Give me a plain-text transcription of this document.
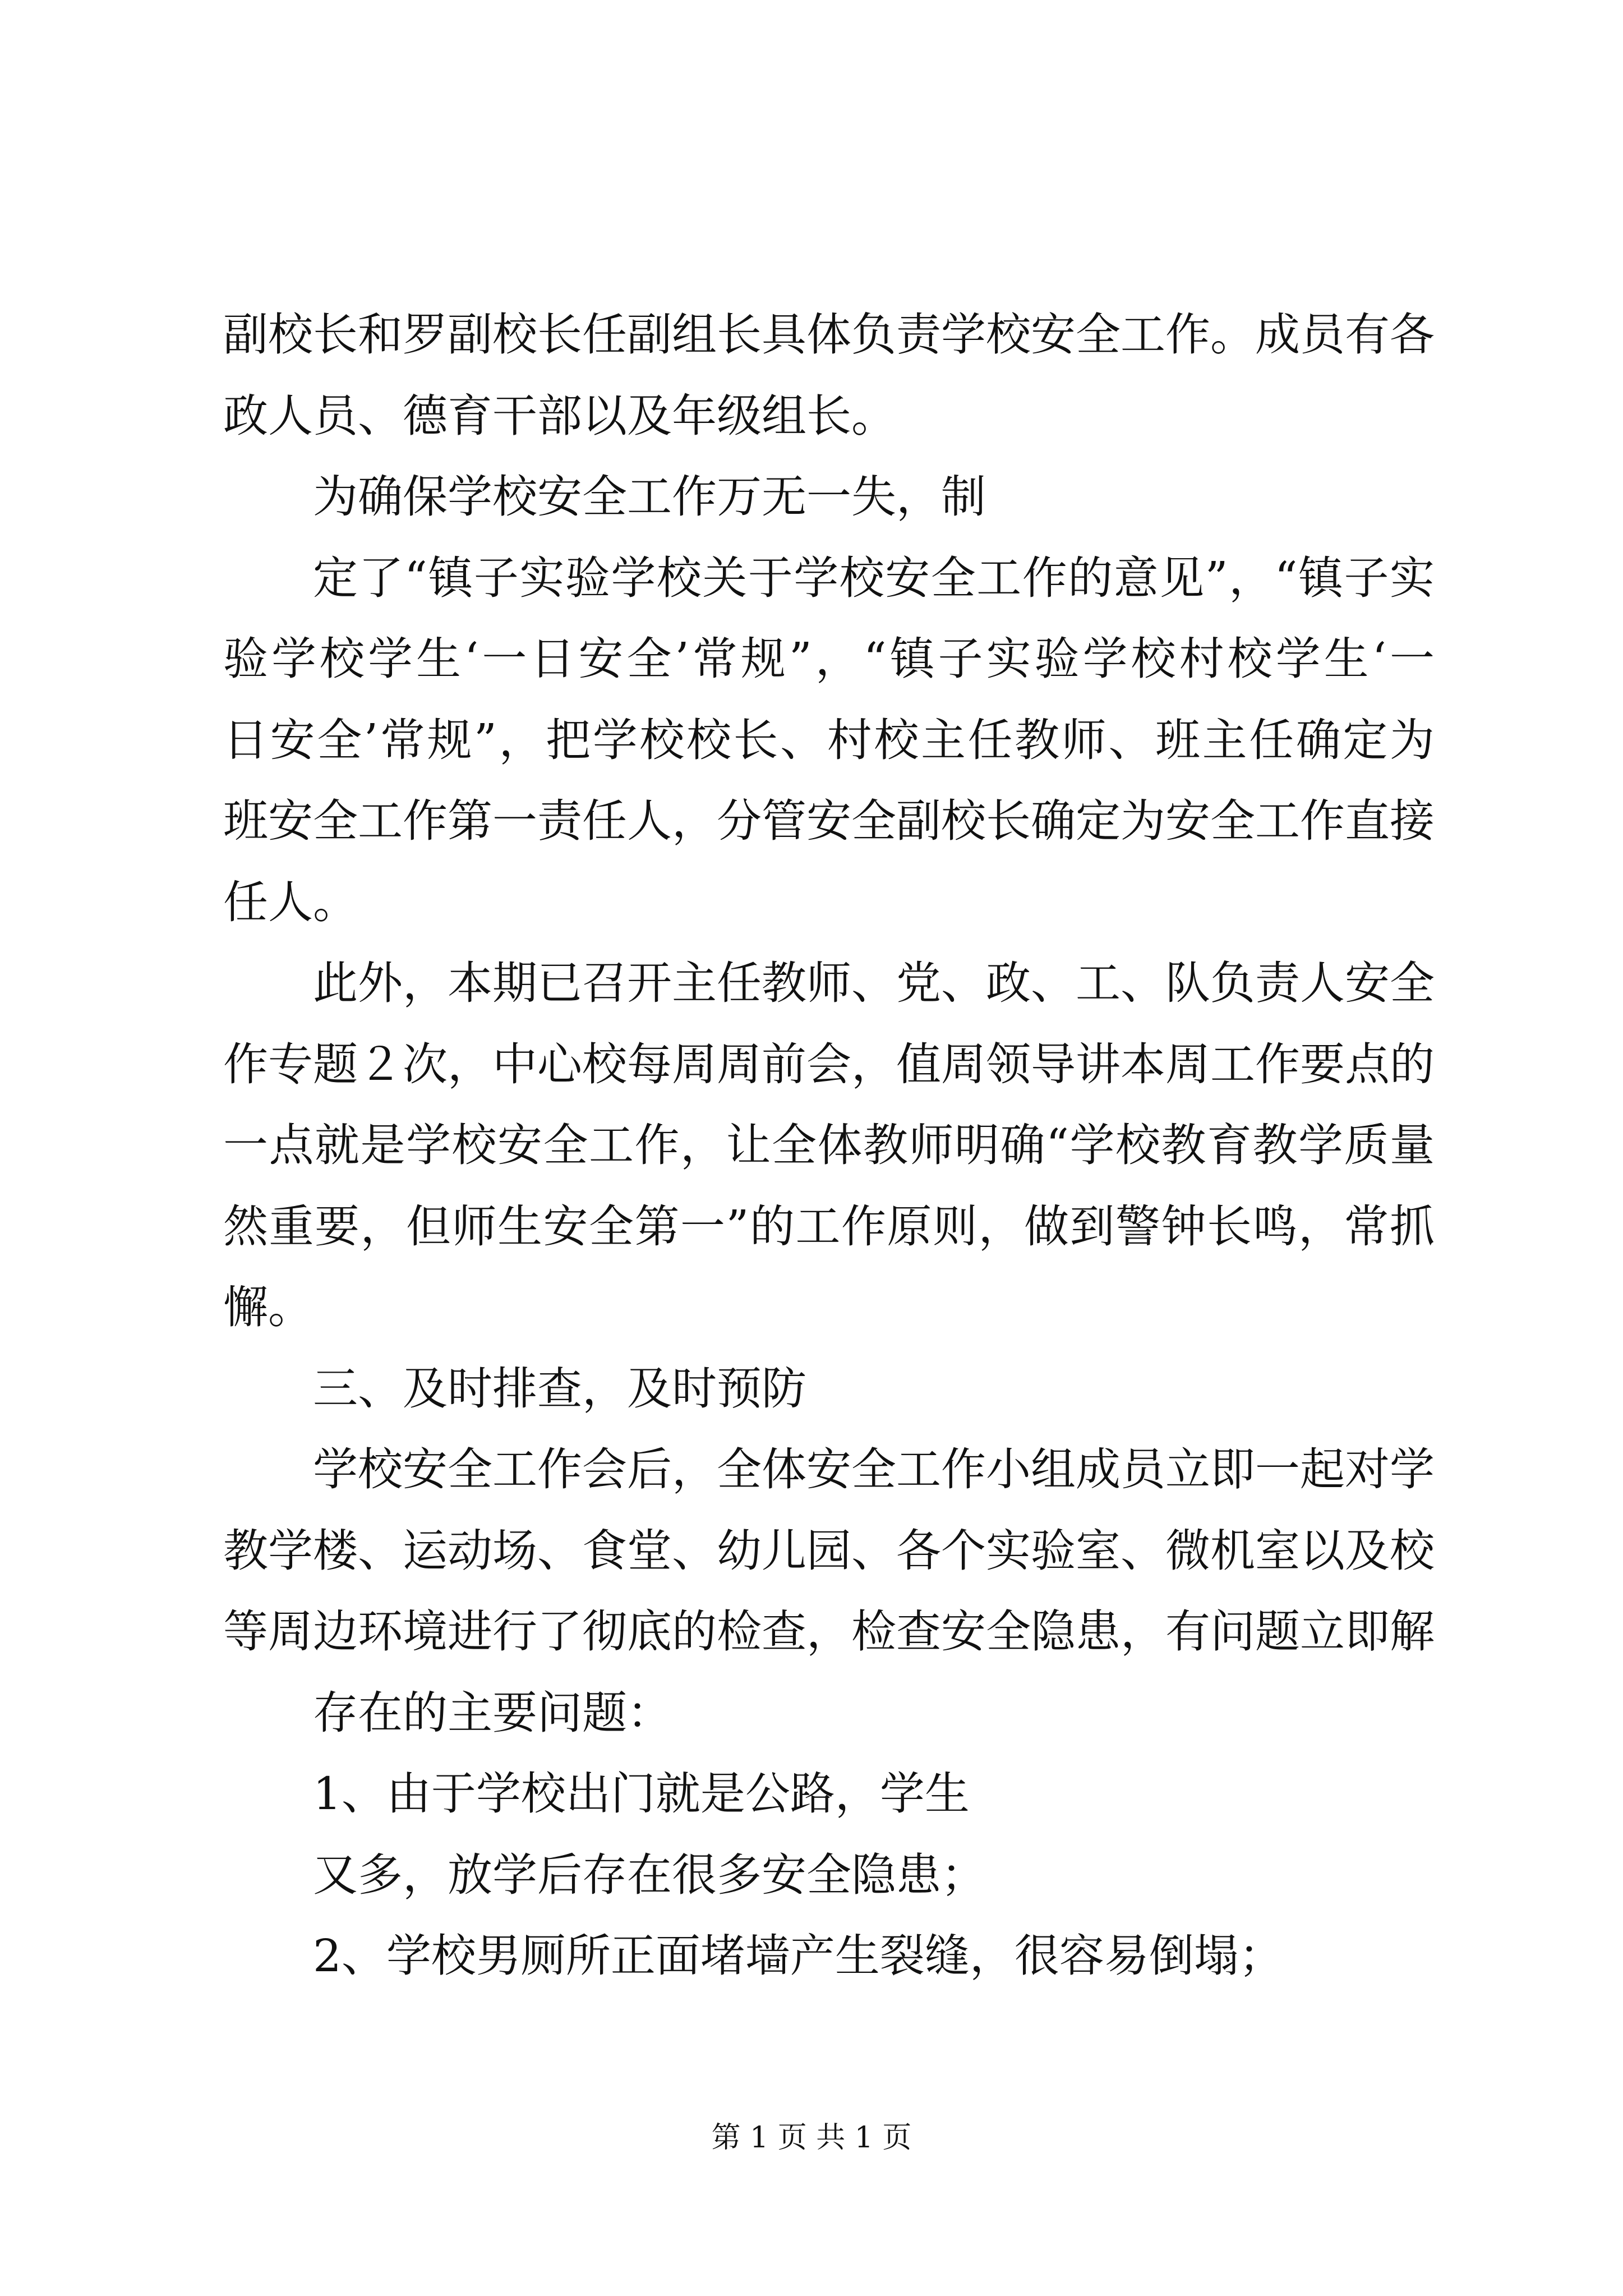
副校长和罗副校长任副组长具体负责学校安全工作。成员有各
政人员、德育干部以及年级组长。
为确保学校安全工作万无一失，制
定了“镇子实验学校关于学校安全工作的意见”，“镇子实
验学校学生‘一日安全’常规”，“镇子实验学校村校学生‘一
日安全’常规”，把学校校长、村校主任教师、班主任确定为
班安全工作第一责任人，分管安全副校长确定为安全工作直接
任人。
此外，本期已召开主任教师、党、政、工、队负责人安全
作专题２次，中心校每周周前会，值周领导讲本周工作要点的
一点就是学校安全工作，让全体教师明确“学校教育教学质量
然重要，但师生安全第一”的工作原则，做到警钟长鸣，常抓
懈。
三、及时排查，及时预防
学校安全工作会后，全体安全工作小组成员立即一起对学
教学楼、运动场、食堂、幼儿园、各个实验室、微机室以及校
等周边环境进行了彻底的检查，检查安全隐患，有问题立即解
存在的主要问题：
1、由于学校出门就是公路，学生
又多，放学后存在很多安全隐患；
2、学校男厕所正面堵墙产生裂缝，很容易倒塌；
第 1 页 共 1 页
